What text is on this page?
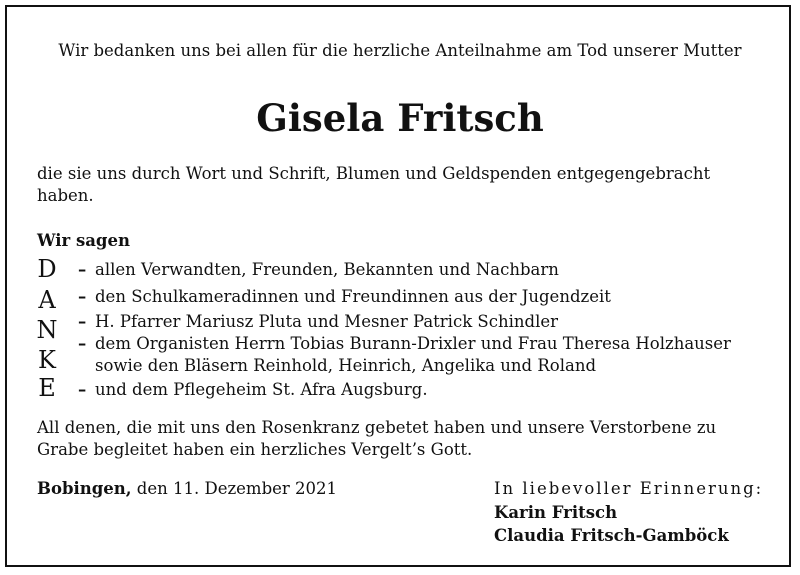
Wir bedanken uns bei allen für die herzliche Anteilnahme am Tod unserer Mutter
Gisela Fritsch
die sie uns durch Wort und Schrift, Blumen und Geldspenden entgegengebracht haben.
Wir sagen
D
A
N
K
E
–
–
–
–
–
allen Verwandten, Freunden, Bekannten und Nachbarn
den Schulkameradinnen und Freundinnen aus der Jugendzeit
H. Pfarrer Mariusz Pluta und Mesner Patrick Schindler
dem Organisten Herrn Tobias Burann-Drixler und Frau Theresa Holzhauser
sowie den Bläsern Reinhold, Heinrich, Angelika und Roland
und dem Pflegeheim St. Afra Augsburg.
All denen, die mit uns den Rosenkranz gebetet haben und unsere Verstorbene zu Grabe begleitet haben ein herzliches Vergelt’s Gott.
Bobingen, den 11. Dezember 2021	In liebevoller Erinnerung:
Karin Fritsch
Claudia Fritsch-Gamböck
